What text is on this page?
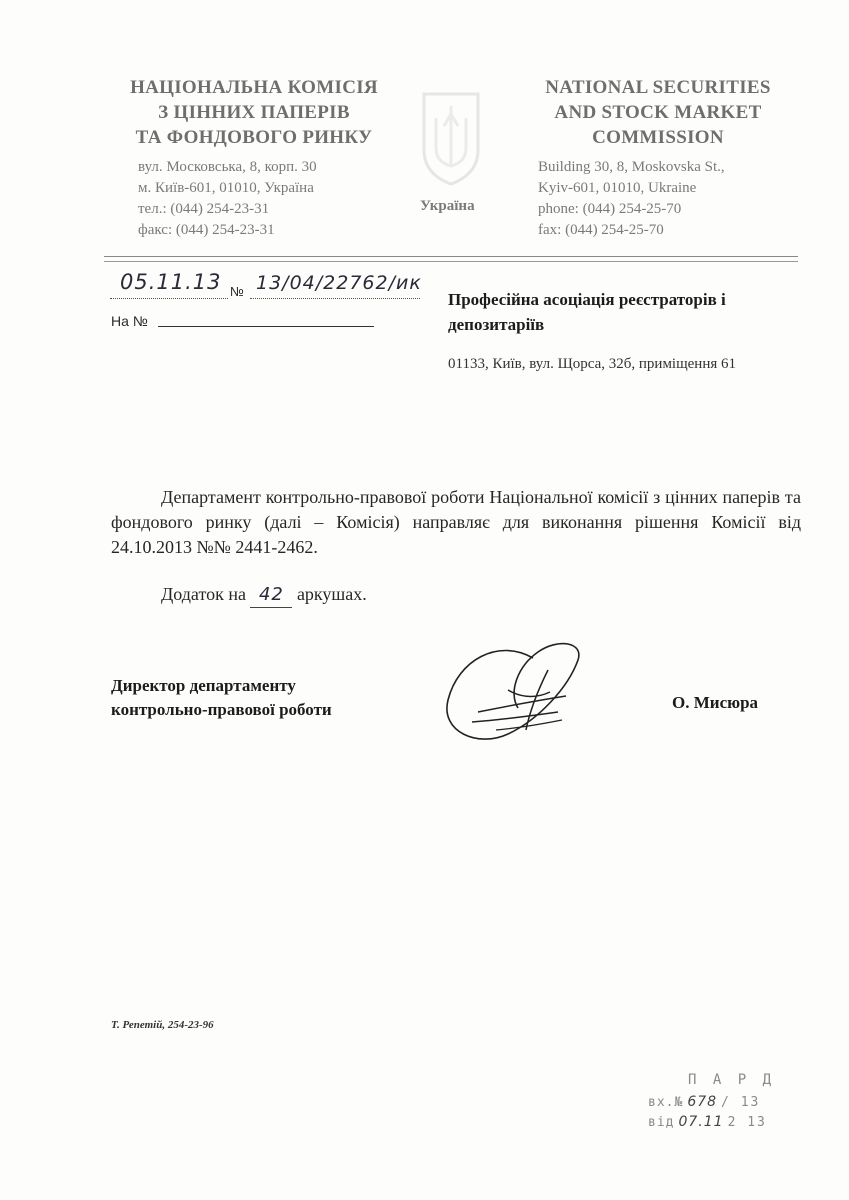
НАЦІОНАЛЬНА КОМІСІЯ
З ЦІННИХ ПАПЕРІВ
ТА ФОНДОВОГО РИНКУ
вул. Московська, 8, корп. 30
м. Київ-601, 01010, Україна
тел.: (044) 254-23-31
факс: (044) 254-23-31
Україна
NATIONAL SECURITIES
AND STOCK MARKET
COMMISSION
Building 30, 8, Moskovska St.,
Kyiv-601, 01010, Ukraine
phone: (044) 254-25-70
fax: (044) 254-25-70
05.11.13 № 13/04/22762/ик
На №
Професійна асоціація реєстраторів і депозитаріїв
01133, Київ, вул. Щорса, 32б, приміщення 61
Департамент контрольно-правової роботи Національної комісії з цінних паперів та фондового ринку (далі – Комісія) направляє для виконання рішення Комісії від 24.10.2013 №№ 2441-2462.
Додаток на 42 аркушах.
Директор департаменту
контрольно-правової роботи	О. Мисюра
Т. Репетій, 254-23-96
П А Р Д
вх.№ 678 / 13
від 07.11 2 13
